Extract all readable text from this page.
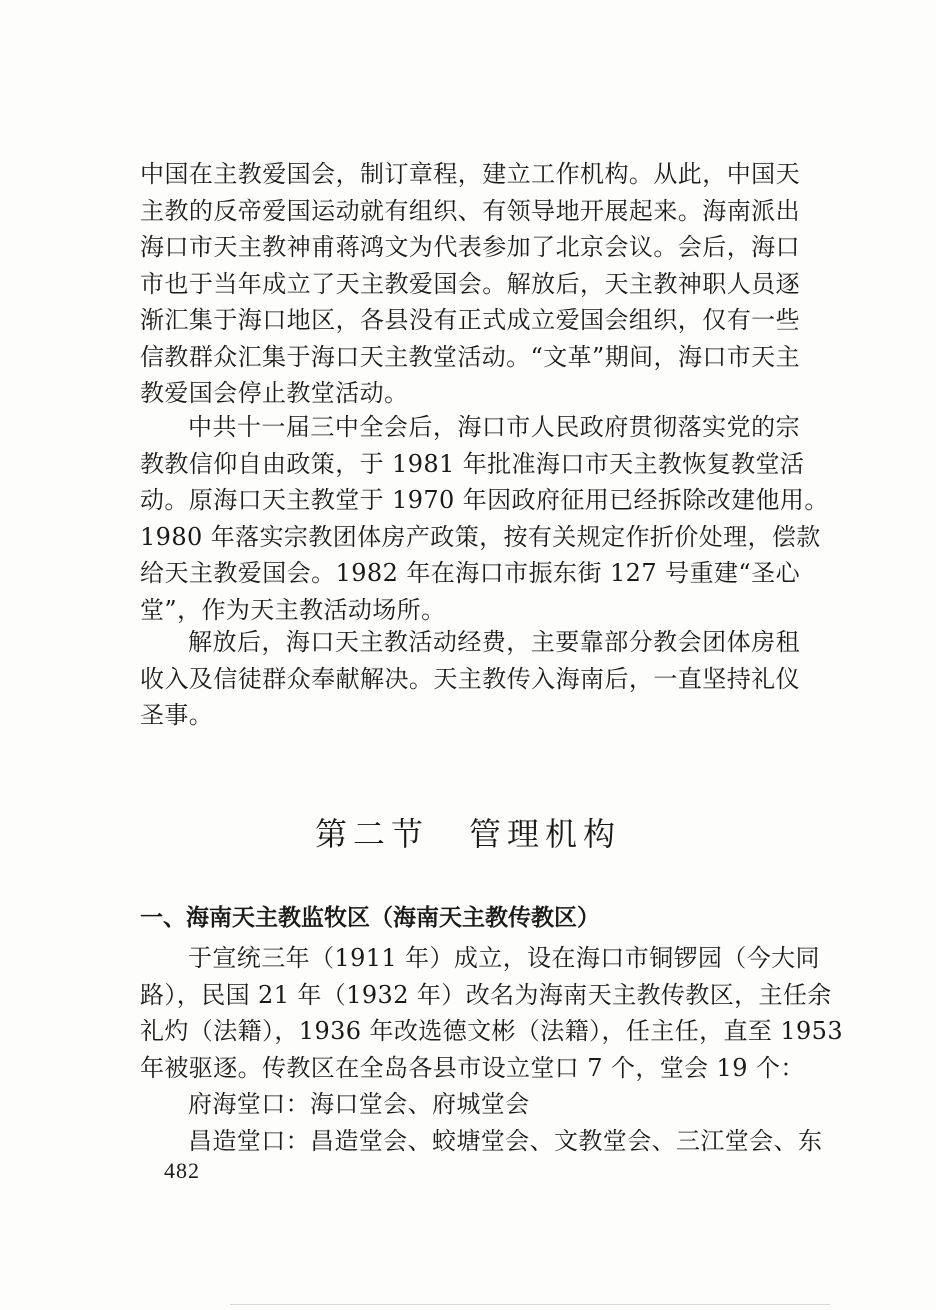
中国在主教爱国会，制订章程，建立工作机构。从此，中国天
主教的反帝爱国运动就有组织、有领导地开展起来。海南派出
海口市天主教神甫蒋鸿文为代表参加了北京会议。会后，海口
市也于当年成立了天主教爱国会。解放后，天主教神职人员逐
渐汇集于海口地区，各县没有正式成立爱国会组织，仅有一些
信教群众汇集于海口天主教堂活动。“文革”期间，海口市天主
教爱国会停止教堂活动。
中共十一届三中全会后，海口市人民政府贯彻落实党的宗
教教信仰自由政策，于 1981 年批准海口市天主教恢复教堂活
动。原海口天主教堂于 1970 年因政府征用已经拆除改建他用。
1980 年落实宗教团体房产政策，按有关规定作折价处理，偿款
给天主教爱国会。1982 年在海口市振东街 127 号重建“圣心
堂”，作为天主教活动场所。
解放后，海口天主教活动经费，主要靠部分教会团体房租
收入及信徒群众奉献解决。天主教传入海南后，一直坚持礼仪
圣事。
第二节 管理机构
一、海南天主教监牧区（海南天主教传教区）
于宣统三年（1911 年）成立，设在海口市铜锣园（今大同
路），民国 21 年（1932 年）改名为海南天主教传教区，主任余
礼灼（法籍），1936 年改选德文彬（法籍），任主任，直至 1953
年被驱逐。传教区在全岛各县市设立堂口 7 个，堂会 19 个：
府海堂口：海口堂会、府城堂会
昌造堂口：昌造堂会、蛟塘堂会、文教堂会、三江堂会、东
482
